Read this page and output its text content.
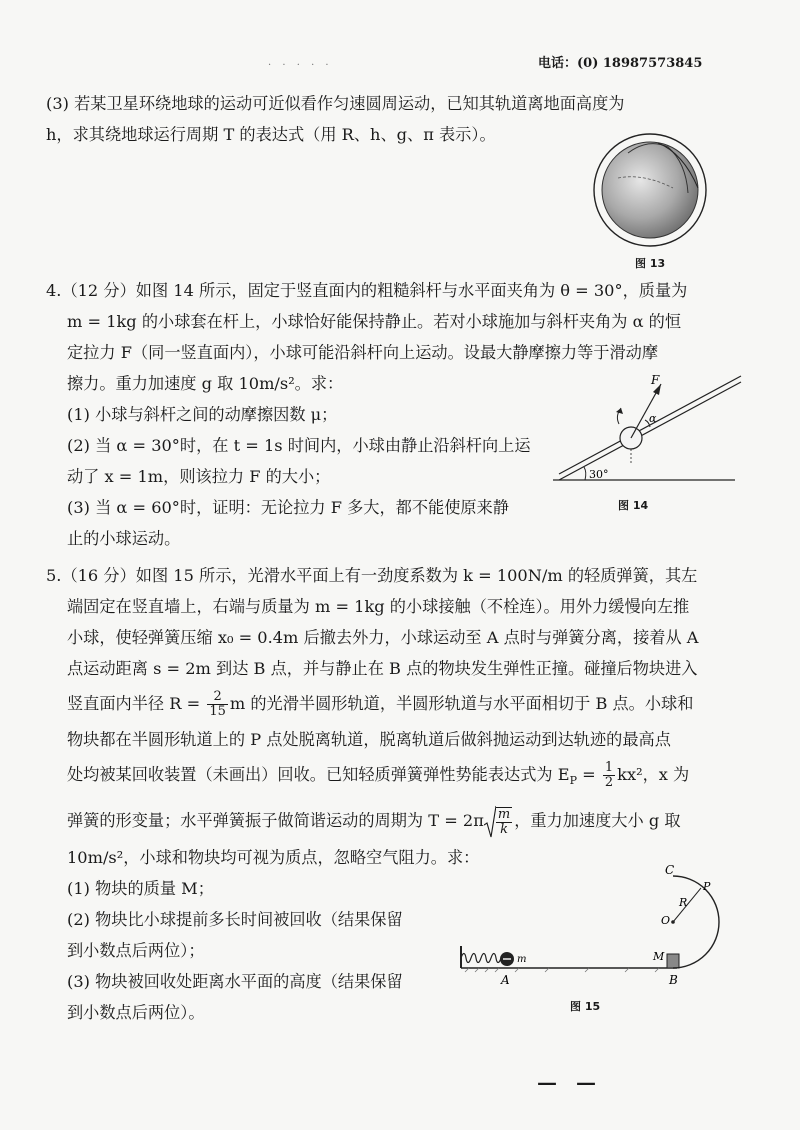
· · · · ·	电话：(0) 18987573845
(3) 若某卫星环绕地球的运动可近似看作匀速圆周运动，已知其轨道离地面高度为
h，求其绕地球运行周期 T 的表达式（用 R、h、g、π 表示）。
图 13
4.（12 分）如图 14 所示，固定于竖直面内的粗糙斜杆与水平面夹角为 θ = 30°，质量为
m = 1kg 的小球套在杆上，小球恰好能保持静止。若对小球施加与斜杆夹角为 α 的恒
定拉力 F（同一竖直面内），小球可能沿斜杆向上运动。设最大静摩擦力等于滑动摩
擦力。重力加速度 g 取 10m/s²。求：
(1) 小球与斜杆之间的动摩擦因数 μ；
(2) 当 α = 30°时，在 t = 1s 时间内，小球由静止沿斜杆向上运
动了 x = 1m，则该拉力 F 的大小；
(3) 当 α = 60°时，证明：无论拉力 F 多大，都不能使原来静
止的小球运动。
F
α
30°
图 14
5.（16 分）如图 15 所示，光滑水平面上有一劲度系数为 k = 100N/m 的轻质弹簧，其左
端固定在竖直墙上，右端与质量为 m = 1kg 的小球接触（不栓连）。用外力缓慢向左推
小球，使轻弹簧压缩 x₀ = 0.4m 后撤去外力，小球运动至 A 点时与弹簧分离，接着从 A
点运动距离 s = 2m 到达 B 点，并与静止在 B 点的物块发生弹性正撞。碰撞后物块进入
竖直面内半径 $R = \frac{2}{15}$ m 的光滑半圆形轨道，半圆形轨道与水平面相切于 B 点。小球和
物块都在半圆形轨道上的 P 点处脱离轨道，脱离轨道后做斜抛运动到达轨迹的最高点
处均被某回收装置（未画出）回收。已知轻质弹簧弹性势能表达式为 $E_P = \frac{1}{2} kx^2$，x 为
弹簧的形变量；水平弹簧振子做简谐运动的周期为 $T = 2\pi \frac{m}{k}$ ，重力加速度大小 g 取
10m/s²，小球和物块均可视为质点，忽略空气阻力。求：
(1) 物块的质量 M；
(2) 物块比小球提前多长时间被回收（结果保留
到小数点后两位）；
(3) 物块被回收处距离水平面的高度（结果保留
到小数点后两位）。
C
P
R
O
M
m
A	B
图 15
— —
